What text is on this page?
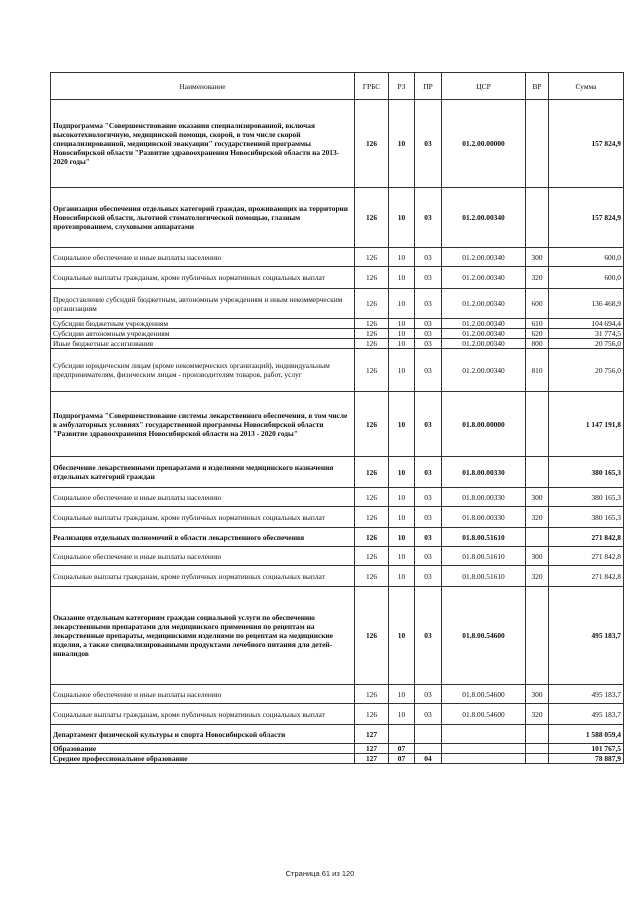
Наименование	ГРБС	РЗ	ПР	ЦСР	ВР	Сумма
Подпрограмма "Совершенствование оказания специализированной, включая высокотехнологичную, медицинской помощи, скорой, в том числе скорой специализированной, медицинской эвакуации" государственной программы Новосибирской области "Развитие здравоохранения Новосибирской области на 2013-2020 годы"	126	10	03	01.2.00.00000		157 824,9
Организация обеспечения отдельных категорий граждан, проживающих на территории Новосибирской области, льготной стоматологической помощью, глазным протезированием, слуховыми аппаратами	126	10	03	01.2.00.00340		157 824,9
Социальное обеспечение и иные выплаты населению	126	10	03	01.2.00.00340	300	600,0
Социальные выплаты гражданам, кроме публичных нормативных социальных выплат	126	10	03	01.2.00.00340	320	600,0
Предоставление субсидий бюджетным, автономным учреждениям и иным некоммерческим организациям	126	10	03	01.2.00.00340	600	136 468,9
Субсидии бюджетным учреждениям	126	10	03	01.2.00.00340	610	104 694,4
Субсидии автономным учреждениям	126	10	03	01.2.00.00340	620	31 774,5
Иные бюджетные ассигнования	126	10	03	01.2.00.00340	800	20 756,0
Субсидии юридическим лицам (кроме некоммерческих организаций), индивидуальным предпринимателям, физическим лицам - производителям товаров, работ, услуг	126	10	03	01.2.00.00340	810	20 756,0
Подпрограмма "Совершенствование системы лекарственного обеспечения, в том числе в амбулаторных условиях" государственной программы Новосибирской области "Развитие здравоохранения Новосибирской области на 2013 - 2020 годы"	126	10	03	01.8.00.00000		1 147 191,8
Обеспечение лекарственными препаратами и изделиями медицинского назначения отдельных категорий граждан	126	10	03	01.8.00.00330		380 165,3
Социальное обеспечение и иные выплаты населению	126	10	03	01.8.00.00330	300	380 165,3
Социальные выплаты гражданам, кроме публичных нормативных социальных выплат	126	10	03	01.8.00.00330	320	380 165,3
Реализация отдельных полномочий в области лекарственного обеспечения	126	10	03	01.8.00.51610		271 842,8
Социальное обеспечение и иные выплаты населению	126	10	03	01.8.00.51610	300	271 842,8
Социальные выплаты гражданам, кроме публичных нормативных социальных выплат	126	10	03	01.8.00.51610	320	271 842,8
Оказание отдельным категориям граждан социальной услуги по обеспечению лекарственными препаратами для медицинского применения по рецептам на лекарственные препараты, медицинскими изделиями по рецептам на медицинские изделия, а также специализированными продуктами лечебного питания для детей-инвалидов	126	10	03	01.8.00.54600		495 183,7
Социальное обеспечение и иные выплаты населению	126	10	03	01.8.00.54600	300	495 183,7
Социальные выплаты гражданам, кроме публичных нормативных социальных выплат	126	10	03	01.8.00.54600	320	495 183,7
Департамент физической культуры и спорта Новосибирской области	127					1 588 059,4
Образование	127	07				101 767,5
Среднее профессиональное образование	127	07	04			78 887,9
Страница 61 из 120
